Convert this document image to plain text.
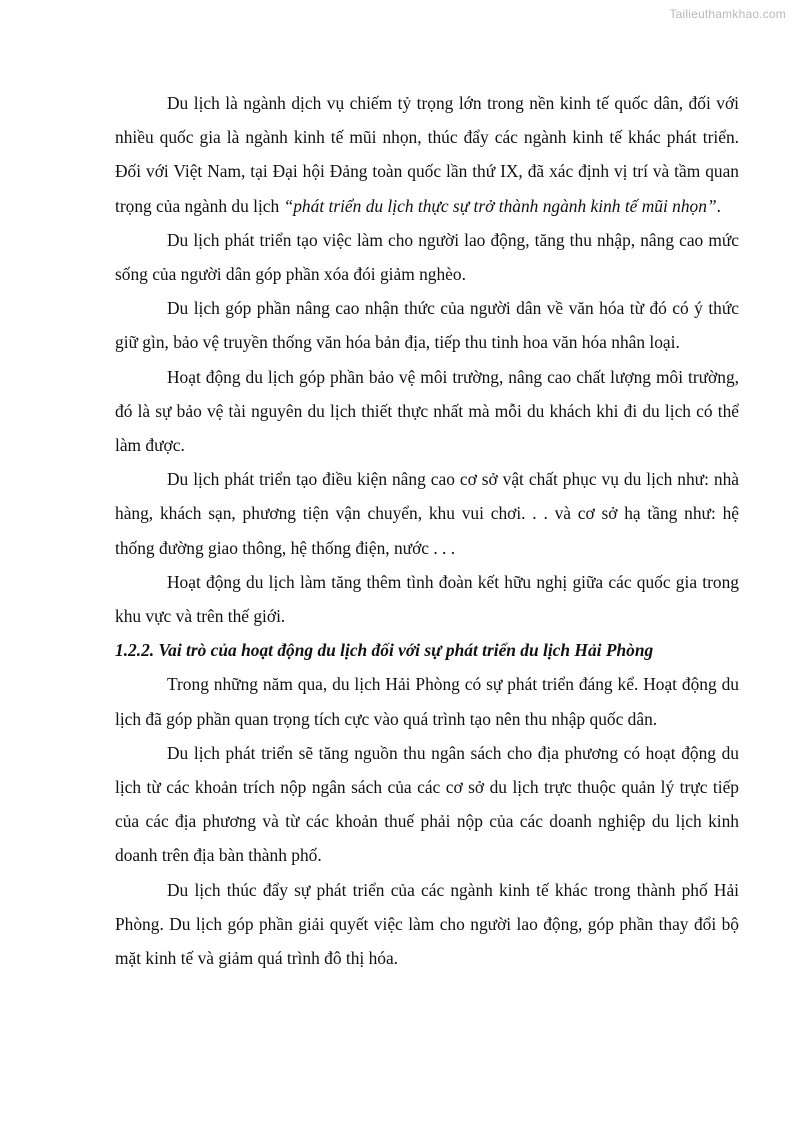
Tailieuthamkhao.com

Du lịch là ngành dịch vụ chiếm tỷ trọng lớn trong nền kinh tế quốc dân, đối với nhiều quốc gia là ngành kinh tế mũi nhọn, thúc đẩy các ngành kinh tế khác phát triển. Đối với Việt Nam, tại Đại hội Đảng toàn quốc lần thứ IX, đã xác định vị trí và tầm quan trọng của ngành du lịch “phát triển du lịch thực sự trở thành ngành kinh tế mũi nhọn”.

Du lịch phát triển tạo việc làm cho người lao động, tăng thu nhập, nâng cao mức sống của người dân góp phần xóa đói giảm nghèo.

Du lịch góp phần nâng cao nhận thức của người dân về văn hóa từ đó có ý thức giữ gìn, bảo vệ truyền thống văn hóa bản địa, tiếp thu tinh hoa văn hóa nhân loại.

Hoạt động du lịch góp phần bảo vệ môi trường, nâng cao chất lượng môi trường, đó là sự bảo vệ tài nguyên du lịch thiết thực nhất mà mỗi du khách khi đi du lịch có thể làm được.

Du lịch phát triển tạo điều kiện nâng cao cơ sở vật chất phục vụ du lịch như: nhà hàng, khách sạn, phương tiện vận chuyển, khu vui chơi. . . và cơ sở hạ tầng như: hệ thống đường giao thông, hệ thống điện, nước . . .

Hoạt động du lịch làm tăng thêm tình đoàn kết hữu nghị giữa các quốc gia trong khu vực và trên thế giới.

1.2.2. Vai trò của hoạt động du lịch đối với sự phát triển du lịch Hải Phòng

Trong những năm qua, du lịch Hải Phòng có sự phát triển đáng kể. Hoạt động du lịch đã góp phần quan trọng tích cực vào quá trình tạo nên thu nhập quốc dân.

Du lịch phát triển sẽ tăng nguồn thu ngân sách cho địa phương có hoạt động du lịch từ các khoản trích nộp ngân sách của các cơ sở du lịch trực thuộc quản lý trực tiếp của các địa phương và từ các khoản thuế phải nộp của các doanh nghiệp du lịch kinh doanh trên địa bàn thành phố.

Du lịch thúc đẩy sự phát triển của các ngành kinh tế khác trong thành phố Hải Phòng. Du lịch góp phần giải quyết việc làm cho người lao động, góp phần thay đổi bộ mặt kinh tế và giảm quá trình đô thị hóa.
